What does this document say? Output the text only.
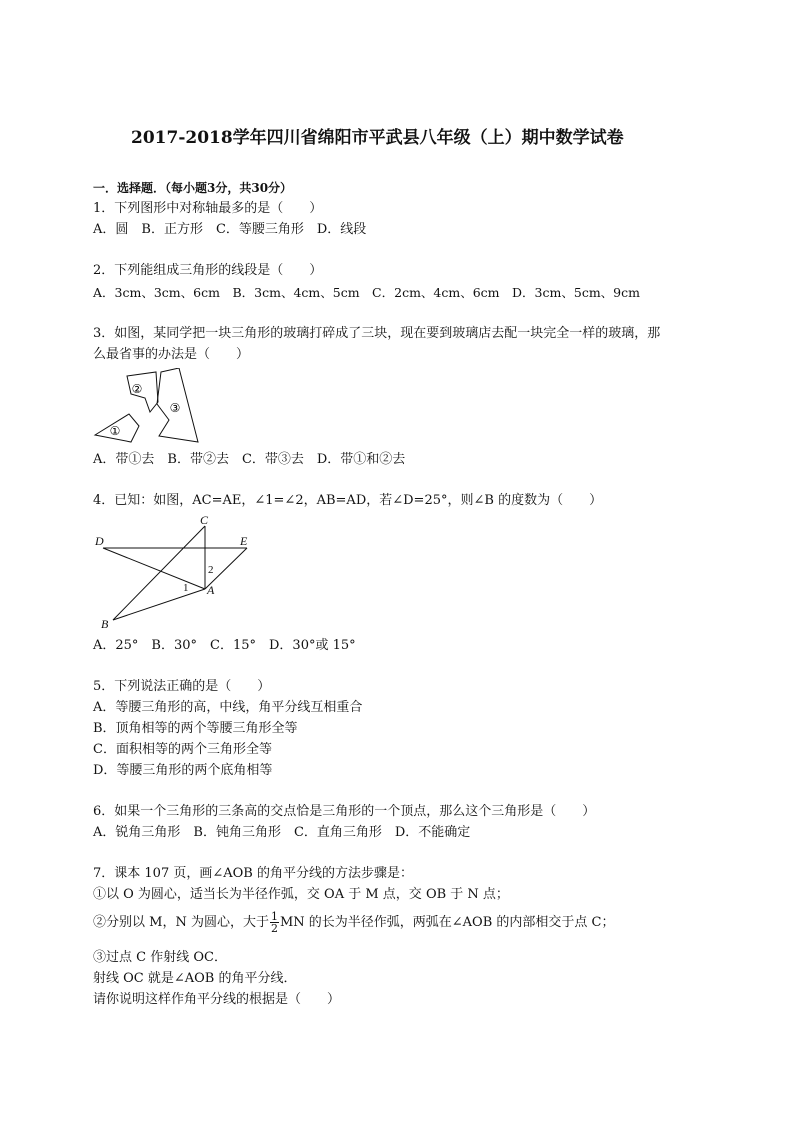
2017-2018学年四川省绵阳市平武县八年级（上）期中数学试卷
一．选择题．（每小题3分，共30分）
1．下列图形中对称轴最多的是（　　）
A．圆　B．正方形　C．等腰三角形　D．线段
2．下列能组成三角形的线段是（　　）
A．3cm、3cm、6cm　B．3cm、4cm、5cm　C．2cm、4cm、6cm　D．3cm、5cm、9cm
3．如图，某同学把一块三角形的玻璃打碎成了三块，现在要到玻璃店去配一块完全一样的玻璃，那
么最省事的办法是（　　）
②
③
①
A．带①去　B．带②去　C．带③去　D．带①和②去
4．已知：如图，AC=AE，∠1=∠2，AB=AD，若∠D=25°，则∠B 的度数为（　　）
C
D	E
A
B
1
2
A．25°　B．30°　C．15°　D．30°或 15°
5．下列说法正确的是（　　）
A．等腰三角形的高，中线，角平分线互相重合
B．顶角相等的两个等腰三角形全等
C．面积相等的两个三角形全等
D．等腰三角形的两个底角相等
6．如果一个三角形的三条高的交点恰是三角形的一个顶点，那么这个三角形是（　　）
A．锐角三角形　B．钝角三角形　C．直角三角形　D．不能确定
7．课本 107 页，画∠AOB 的角平分线的方法步骤是：
①以 O 为圆心，适当长为半径作弧，交 OA 于 M 点，交 OB 于 N 点；
②分别以 M，N 为圆心，大于 $\frac{1}{2}$ MN 的长为半径作弧，两弧在∠AOB 的内部相交于点 C；
③过点 C 作射线 OC．
射线 OC 就是∠AOB 的角平分线．
请你说明这样作角平分线的根据是（　　）
